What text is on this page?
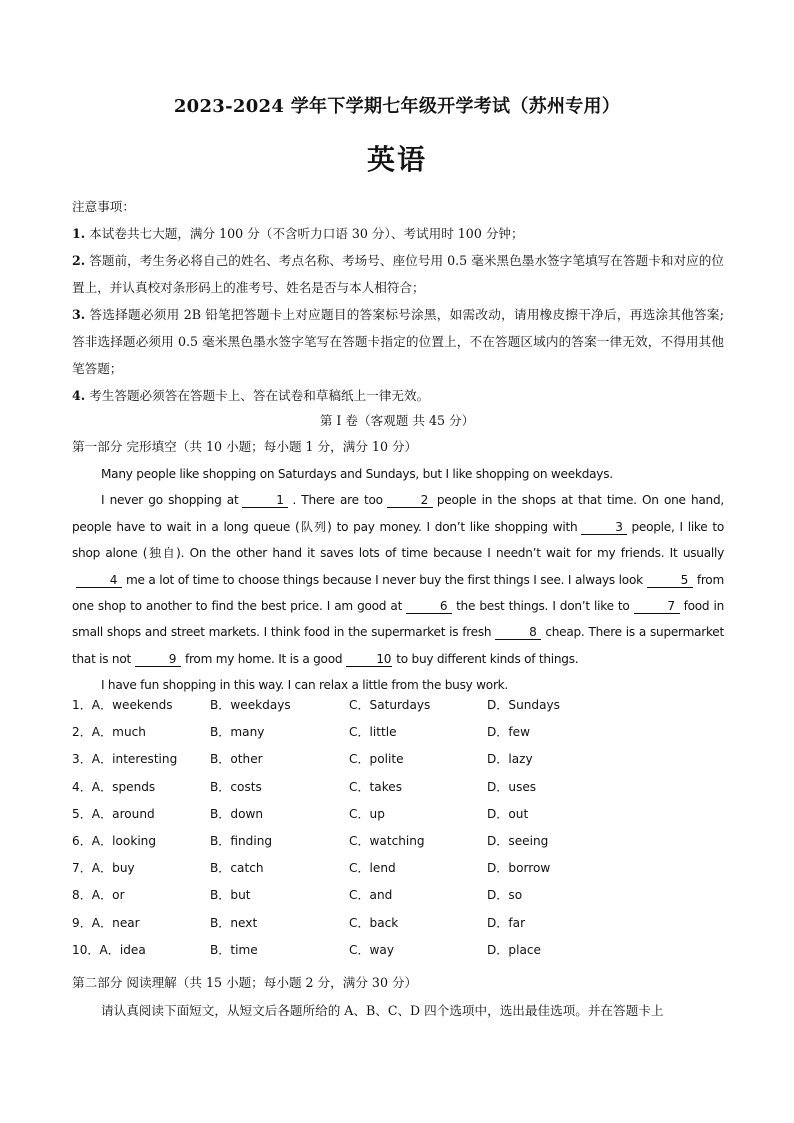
2023-2024 学年下学期七年级开学考试（苏州专用）
英语

注意事项：

1. 本试卷共七大题，满分 100 分（不含听力口语 30 分）、考试用时 100 分钟；

2. 答题前，考生务必将自己的姓名、考点名称、考场号、座位号用 0.5 毫米黑色墨水签字笔填写在答题卡和对应的位置上，并认真校对条形码上的准考号、姓名是否与本人相符合；

3. 答选择题必须用 2B 铅笔把答题卡上对应题目的答案标号涂黑，如需改动，请用橡皮擦干净后，再选涂其他答案; 答非选择题必须用 0.5 毫米黑色墨水签字笔写在答题卡指定的位置上，不在答题区域内的答案一律无效，不得用其他笔答题；

4. 考生答题必须答在答题卡上、答在试卷和草稿纸上一律无效。

第 I 卷（客观题 共 45 分）
第一部分 完形填空（共 10 小题；每小题 1 分，满分 10 分）

Many people like shopping on Saturdays and Sundays, but I like shopping on weekdays.

I never go shopping at	1 . There are too	2 people in the shops at that time. On one hand, people have to wait in a long queue (队列) to pay money. I don’t like shopping with	3 people, I like to shop alone (独自). On the other hand it saves lots of time because I needn’t wait for my friends. It usually4 me a lot of time to choose things because I never buy the first things I see. I always look	5 from one shop to another to find the best price. I am good at	6 the best things. I don’t like to	7 food in small shops and street markets. I think food in the supermarket is fresh	8 cheap. There is a supermarket that is not	9 from my home. It is a good	10 to buy different kinds of things.

I have fun shopping in this way. I can relax a little from the busy work.

1．A．weekends	B．weekdays	C．Saturdays	D．Sundays
2．A．much	B．many	C．little	D．few
3．A．interesting	B．other	C．polite	D．lazy
4．A．spends	B．costs	C．takes	D．uses
5．A．around	B．down	C．up	D．out
6．A．looking	B．finding	C．watching	D．seeing
7．A．buy	B．catch	C．lend	D．borrow
8．A．or	B．but	C．and	D．so
9．A．near	B．next	C．back	D．far
10．A．idea	B．time	C．way	D．place
第二部分 阅读理解（共 15 小题；每小题 2 分，满分 30 分）
请认真阅读下面短文，从短文后各题所给的 A、B、C、D 四个选项中，选出最佳选项。并在答题卡上
